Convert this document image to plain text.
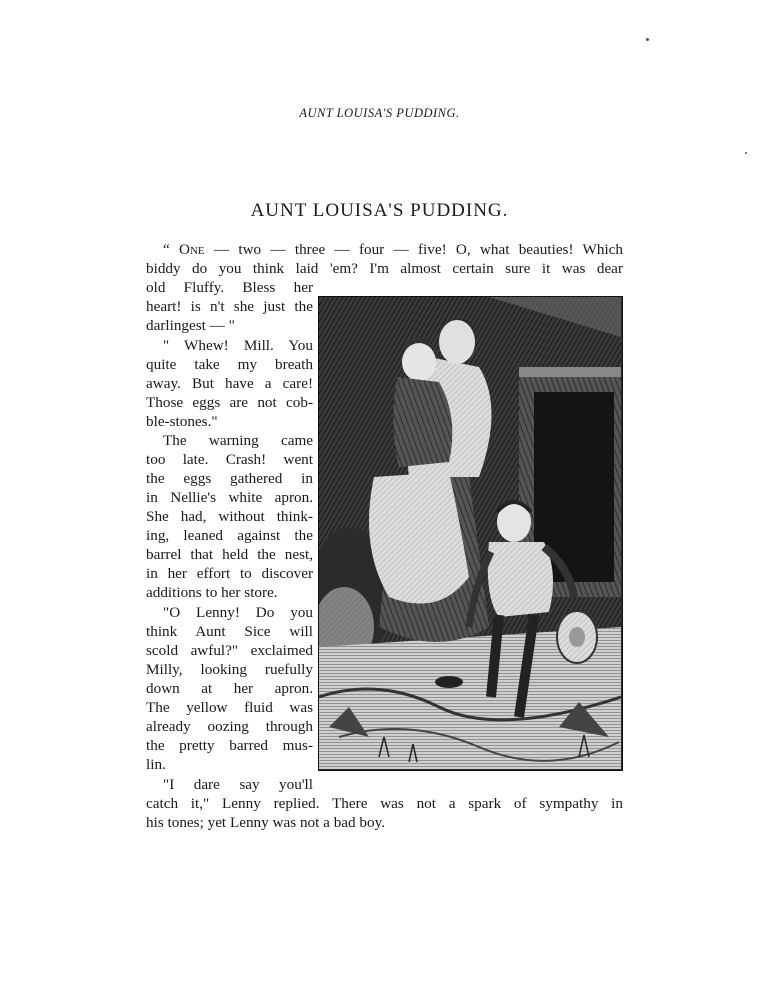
AUNT LOUISA'S PUDDING.
AUNT LOUISA'S PUDDING.
“ One — two — three — four — five! O, what beauties! Which
biddy do you think laid 'em? I'm almost certain sure it was dear
old Fluffy. Bless her
heart! is n't she just the
darlingest — "
" Whew! Mill. You
quite take my breath
away. But have a care!
Those eggs are not cob-
ble-stones."
The warning came
too late. Crash! went
the eggs gathered in
in Nellie's white apron.
She had, without think-
ing, leaned against the
barrel that held the nest,
in her effort to discover
additions to her store.
"O Lenny! Do you
think Aunt Sice will
scold awful?" exclaimed
Milly, looking ruefully
down at her apron.
The yellow fluid was
already oozing through
the pretty barred mus-
lin.
"I dare say you'll
catch it," Lenny replied. There was not a spark of sympathy in
his tones; yet Lenny was not a bad boy.
